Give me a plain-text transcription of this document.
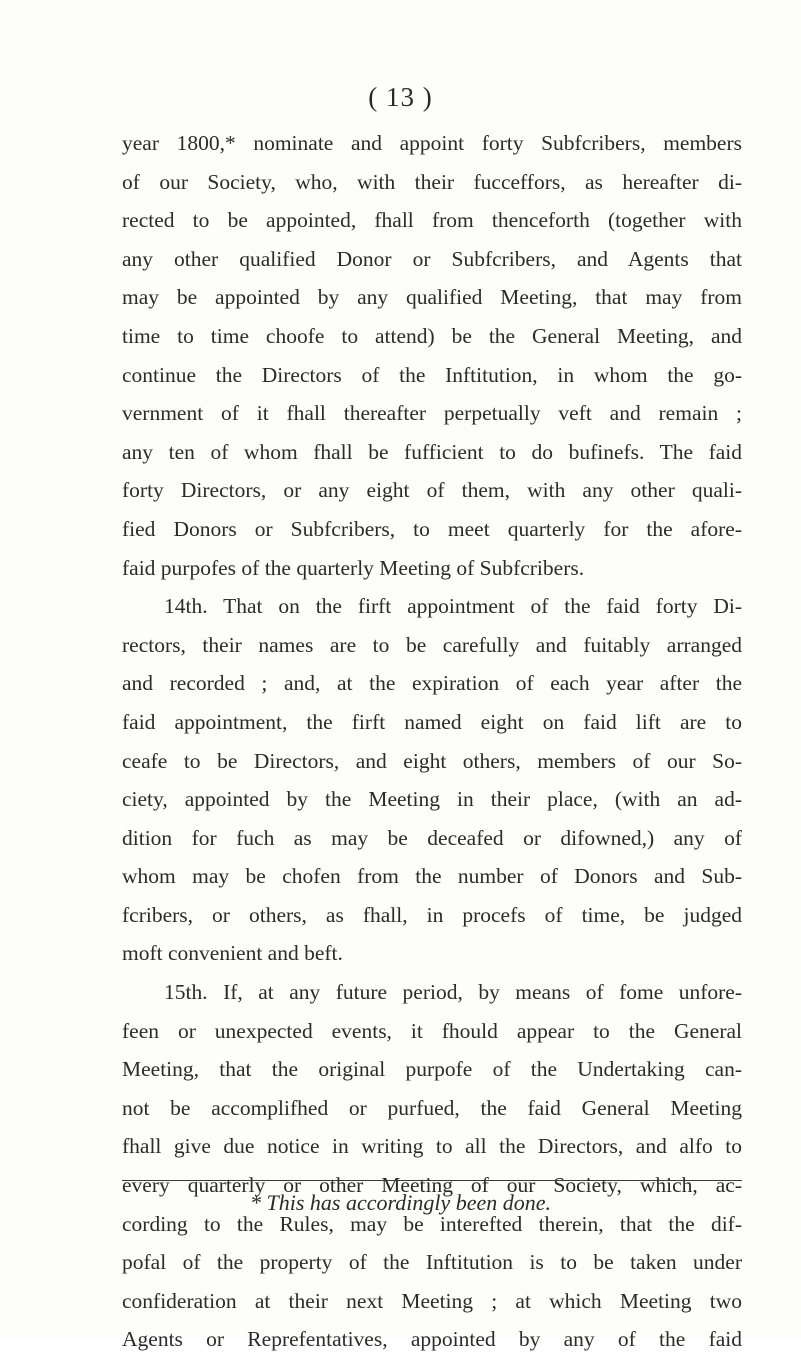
( 13 )
year 1800,* nominate and appoint forty Subfcribers, members
of our Society, who, with their fucceffors, as hereafter di-
rected to be appointed, fhall from thenceforth (together with
any other qualified Donor or Subfcribers, and Agents that
may be appointed by any qualified Meeting, that may from
time to time choofe to attend) be the General Meeting, and
continue the Directors of the Inftitution, in whom the go-
vernment of it fhall thereafter perpetually veft and remain ;
any ten of whom fhall be fufficient to do bufinefs. The faid
forty Directors, or any eight of them, with any other quali-
fied Donors or Subfcribers, to meet quarterly for the afore-
faid purpofes of the quarterly Meeting of Subfcribers.
14th. That on the firft appointment of the faid forty Di-
rectors, their names are to be carefully and fuitably arranged
and recorded ; and, at the expiration of each year after the
faid appointment, the firft named eight on faid lift are to
ceafe to be Directors, and eight others, members of our So-
ciety, appointed by the Meeting in their place, (with an ad-
dition for fuch as may be deceafed or difowned,) any of
whom may be chofen from the number of Donors and Sub-
fcribers, or others, as fhall, in procefs of time, be judged
moft convenient and beft.
15th. If, at any future period, by means of fome unfore-
feen or unexpected events, it fhould appear to the General
Meeting, that the original purpofe of the Undertaking can-
not be accomplifhed or purfued, the faid General Meeting
fhall give due notice in writing to all the Directors, and alfo to
every quarterly or other Meeting of our Society, which, ac-
cording to the Rules, may be interefted therein, that the dif-
pofal of the property of the Inftitution is to be taken under
confideration at their next Meeting ; at which Meeting two
Agents or Reprefentatives, appointed by any of the faid
* This has accordingly been done.
